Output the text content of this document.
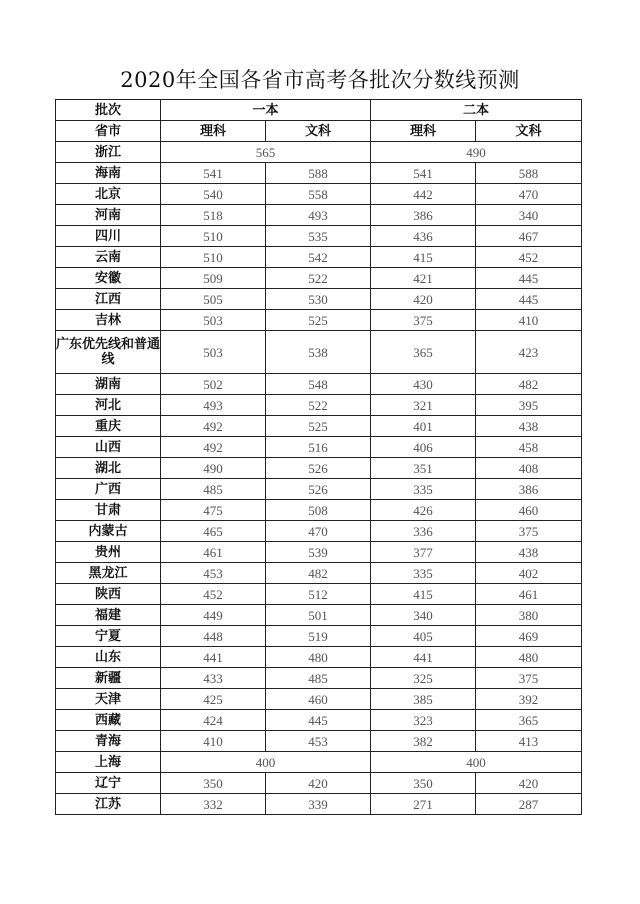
2020年全国各省市高考各批次分数线预测
批次	一本		二本	
省市	理科	文科	理科	文科
浙江	565		490	
海南	541	588	541	588
北京	540	558	442	470
河南	518	493	386	340
四川	510	535	436	467
云南	510	542	415	452
安徽	509	522	421	445
江西	505	530	420	445
吉林	503	525	375	410
广东优先线和普通线	503	538	365	423
湖南	502	548	430	482
河北	493	522	321	395
重庆	492	525	401	438
山西	492	516	406	458
湖北	490	526	351	408
广西	485	526	335	386
甘肃	475	508	426	460
内蒙古	465	470	336	375
贵州	461	539	377	438
黑龙江	453	482	335	402
陕西	452	512	415	461
福建	449	501	340	380
宁夏	448	519	405	469
山东	441	480	441	480
新疆	433	485	325	375
天津	425	460	385	392
西藏	424	445	323	365
青海	410	453	382	413
上海	400		400	
辽宁	350	420	350	420
江苏	332	339	271	287
